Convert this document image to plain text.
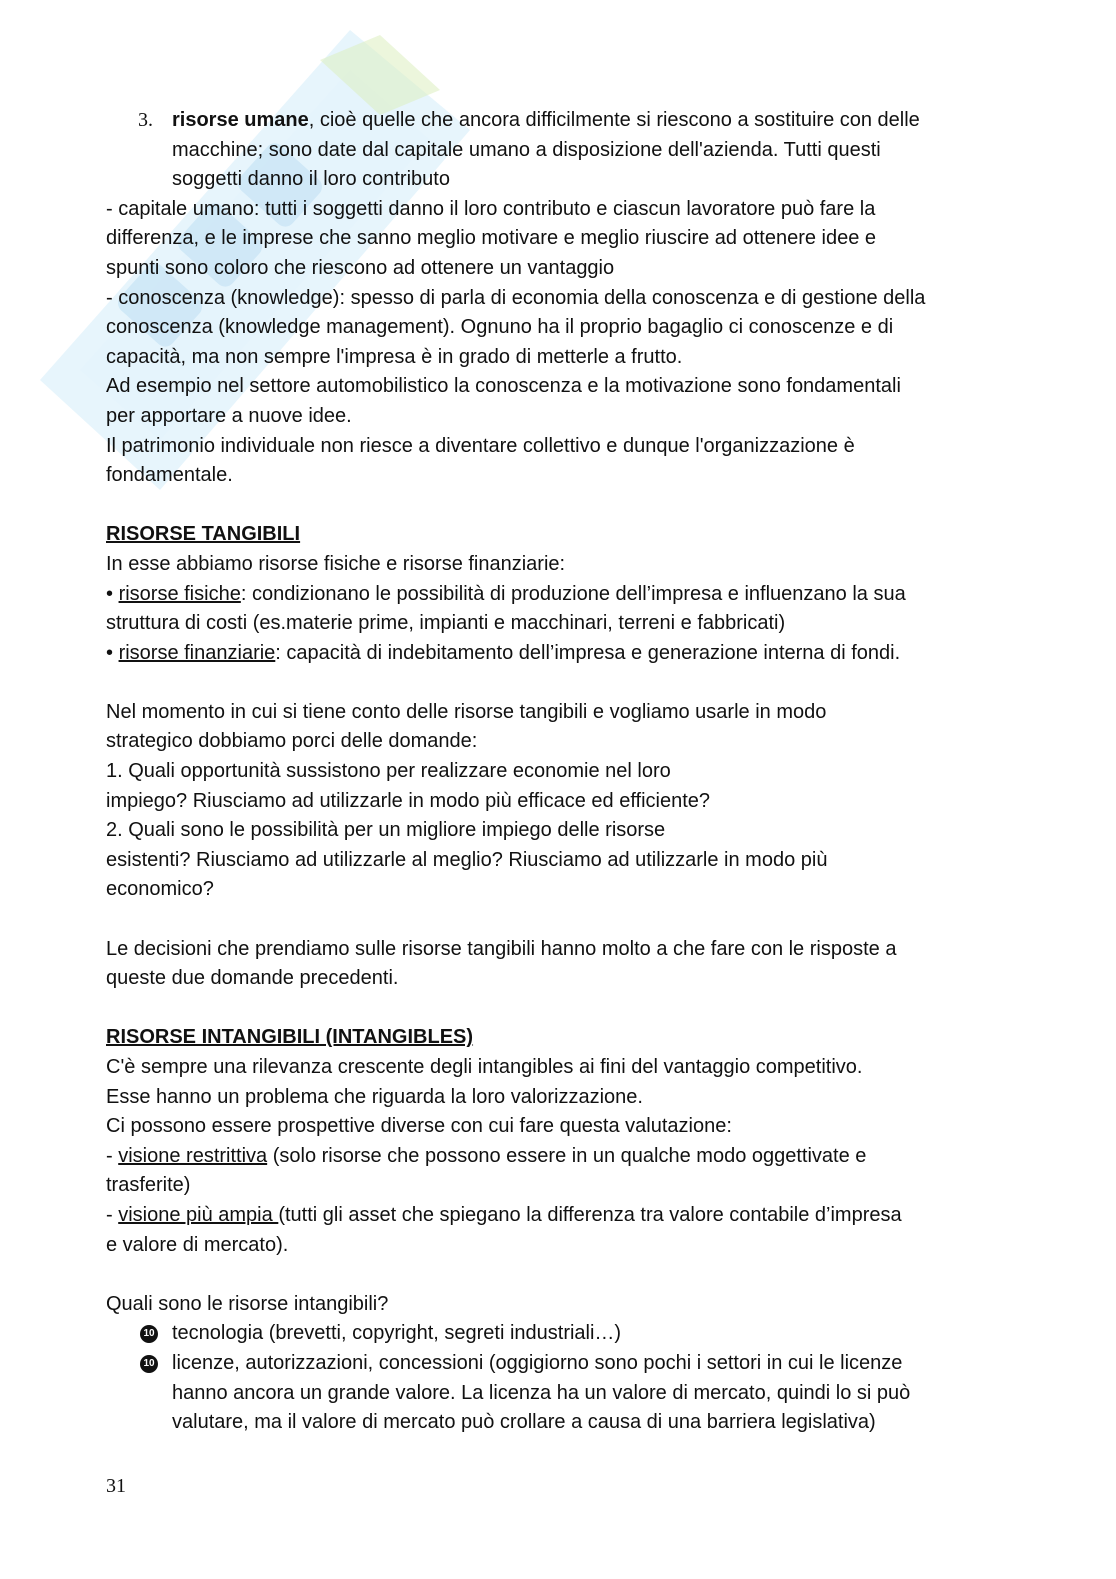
3. risorse umane, cioè quelle che ancora difficilmente si riescono a sostituire con delle
macchine; sono date dal capitale umano a disposizione dell'azienda. Tutti questi
soggetti danno il loro contributo
- capitale umano: tutti i soggetti danno il loro contributo e ciascun lavoratore può fare la
differenza, e le imprese che sanno meglio motivare e meglio riuscire ad ottenere idee e
spunti sono coloro che riescono ad ottenere un vantaggio
- conoscenza (knowledge): spesso di parla di economia della conoscenza e di gestione della
conoscenza (knowledge management). Ognuno ha il proprio bagaglio ci conoscenze e di
capacità, ma non sempre l'impresa è in grado di metterle a frutto.
Ad esempio nel settore automobilistico la conoscenza e la motivazione sono fondamentali
per apportare a nuove idee.
Il patrimonio individuale non riesce a diventare collettivo e dunque l'organizzazione è
fondamentale.
RISORSE TANGIBILI
In esse abbiamo risorse fisiche e risorse finanziarie:
• risorse fisiche: condizionano le possibilità di produzione dell’impresa e influenzano la sua
struttura di costi (es.materie prime, impianti e macchinari, terreni e fabbricati)
• risorse finanziarie: capacità di indebitamento dell’impresa e generazione interna di fondi.
Nel momento in cui si tiene conto delle risorse tangibili e vogliamo usarle in modo
strategico dobbiamo porci delle domande:
1. Quali opportunità sussistono per realizzare economie nel loro
impiego? Riusciamo ad utilizzarle in modo più efficace ed efficiente?
2. Quali sono le possibilità per un migliore impiego delle risorse
esistenti? Riusciamo ad utilizzarle al meglio? Riusciamo ad utilizzarle in modo più
economico?
Le decisioni che prendiamo sulle risorse tangibili hanno molto a che fare con le risposte a
queste due domande precedenti.
RISORSE INTANGIBILI (INTANGIBLES)
C'è sempre una rilevanza crescente degli intangibles ai fini del vantaggio competitivo.
Esse hanno un problema che riguarda la loro valorizzazione.
Ci possono essere prospettive diverse con cui fare questa valutazione:
- visione restrittiva (solo risorse che possono essere in un qualche modo oggettivate e
trasferite)
- visione più ampia (tutti gli asset che spiegano la differenza tra valore contabile d’impresa
e valore di mercato).
Quali sono le risorse intangibili?
10 tecnologia (brevetti, copyright, segreti industriali…)
10 licenze, autorizzazioni, concessioni (oggigiorno sono pochi i settori in cui le licenze
hanno ancora un grande valore. La licenza ha un valore di mercato, quindi lo si può
valutare, ma il valore di mercato può crollare a causa di una barriera legislativa)
31
